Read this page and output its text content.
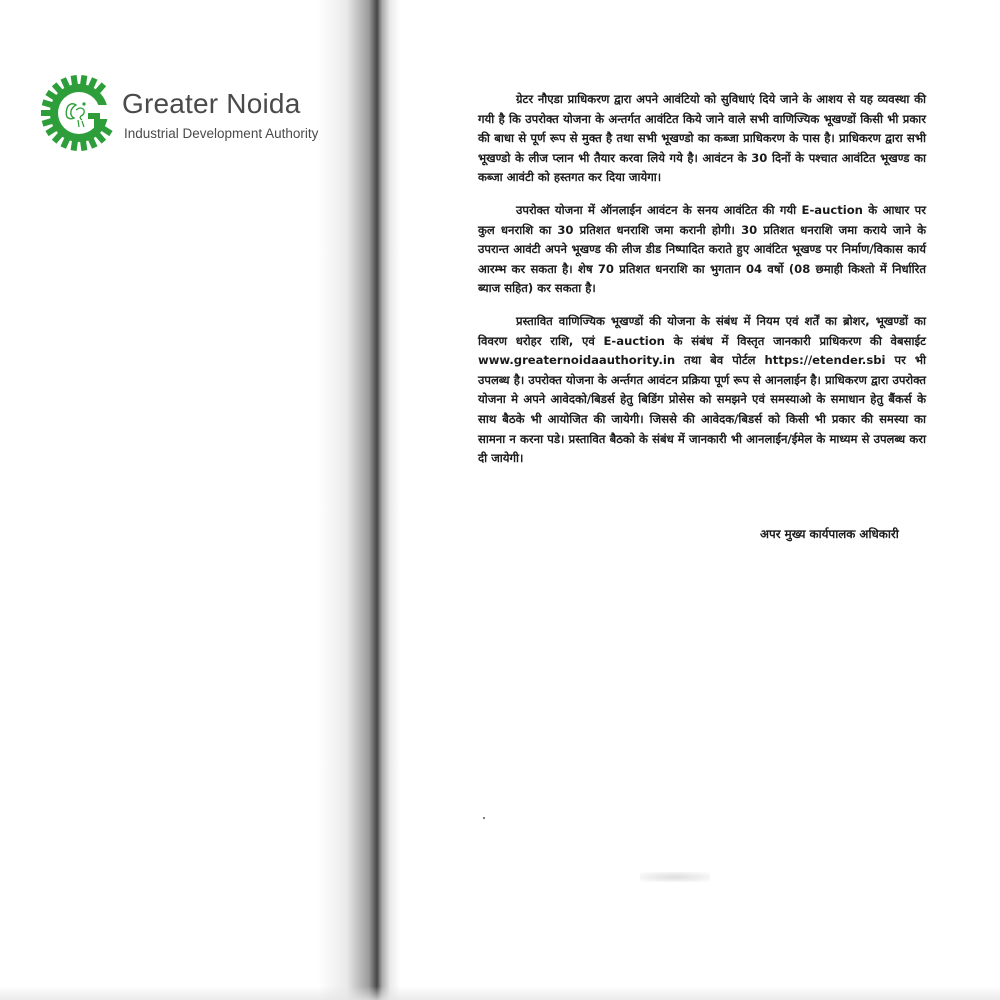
Greater Noida
Industrial Development Authority

ग्रेटर नौएडा प्राधिकरण द्वारा अपने आवंटियो को सुविधाएं दिये जाने के आशय से यह व्यवस्था की गयी है कि उपरोक्त योजना के अन्तर्गत आवंटित किये जाने वाले सभी वाणिज्यिक भूखण्डों किसी भी प्रकार की बाधा से पूर्ण रूप से मुक्त है तथा सभी भूखण्डो का कब्जा प्राधिकरण के पास है। प्राधिकरण द्वारा सभी भूखण्डो के लीज प्लान भी तैयार करवा लिये गये है। आवंटन के 30 दिनों के पश्चात आवंटित भूखण्ड का कब्जा आवंटी को हस्तगत कर दिया जायेगा।

उपरोक्त योजना में ऑनलाईन आवंटन के सनय आवंटित की गयी E-auction के आधार पर कुल धनराशि का 30 प्रतिशत धनराशि जमा करानी होगी। 30 प्रतिशत धनराशि जमा कराये जाने के उपरान्त आवंटी अपने भूखण्ड की लीज डीड निष्पादित कराते हुए आवंटित भूखण्ड पर निर्माण/विकास कार्य आरम्भ कर सकता है। शेष 70 प्रतिशत धनराशि का भुगतान 04 वर्षो (08 छमाही किश्तो में निर्धारित ब्याज सहित) कर सकता है।

प्रस्तावित वाणिज्यिक भूखण्डों की योजना के संबंध में नियम एवं शर्तें का ब्रोशर, भूखण्डों का विवरण धरोहर राशि, एवं E-auction के संबंध में विस्तृत जानकारी प्राधिकरण की वेबसाईट www.greaternoidaauthority.in तथा बेव पोर्टल https://etender.sbi पर भी उपलब्ध है। उपरोक्त योजना के अर्न्तगत आवंटन प्रक्रिया पूर्ण रूप से आनलाईन है। प्राधिकरण द्वारा उपरोक्त योजना मे अपने आवेदको/बिडर्स हेतु बिडिंग प्रोसेस को समझने एवं समस्याओ के समाधान हेतु बैंकर्स के साथ बैठके भी आयोजित की जायेगी। जिससे की आवेदक/बिडर्स को किसी भी प्रकार की समस्या का सामना न करना पडे। प्रस्तावित बैठको के संबंध में जानकारी भी आनलाईन/ईमेल के माध्यम से उपलब्ध करा दी जायेगी।

अपर मुख्य कार्यपालक अधिकारी
